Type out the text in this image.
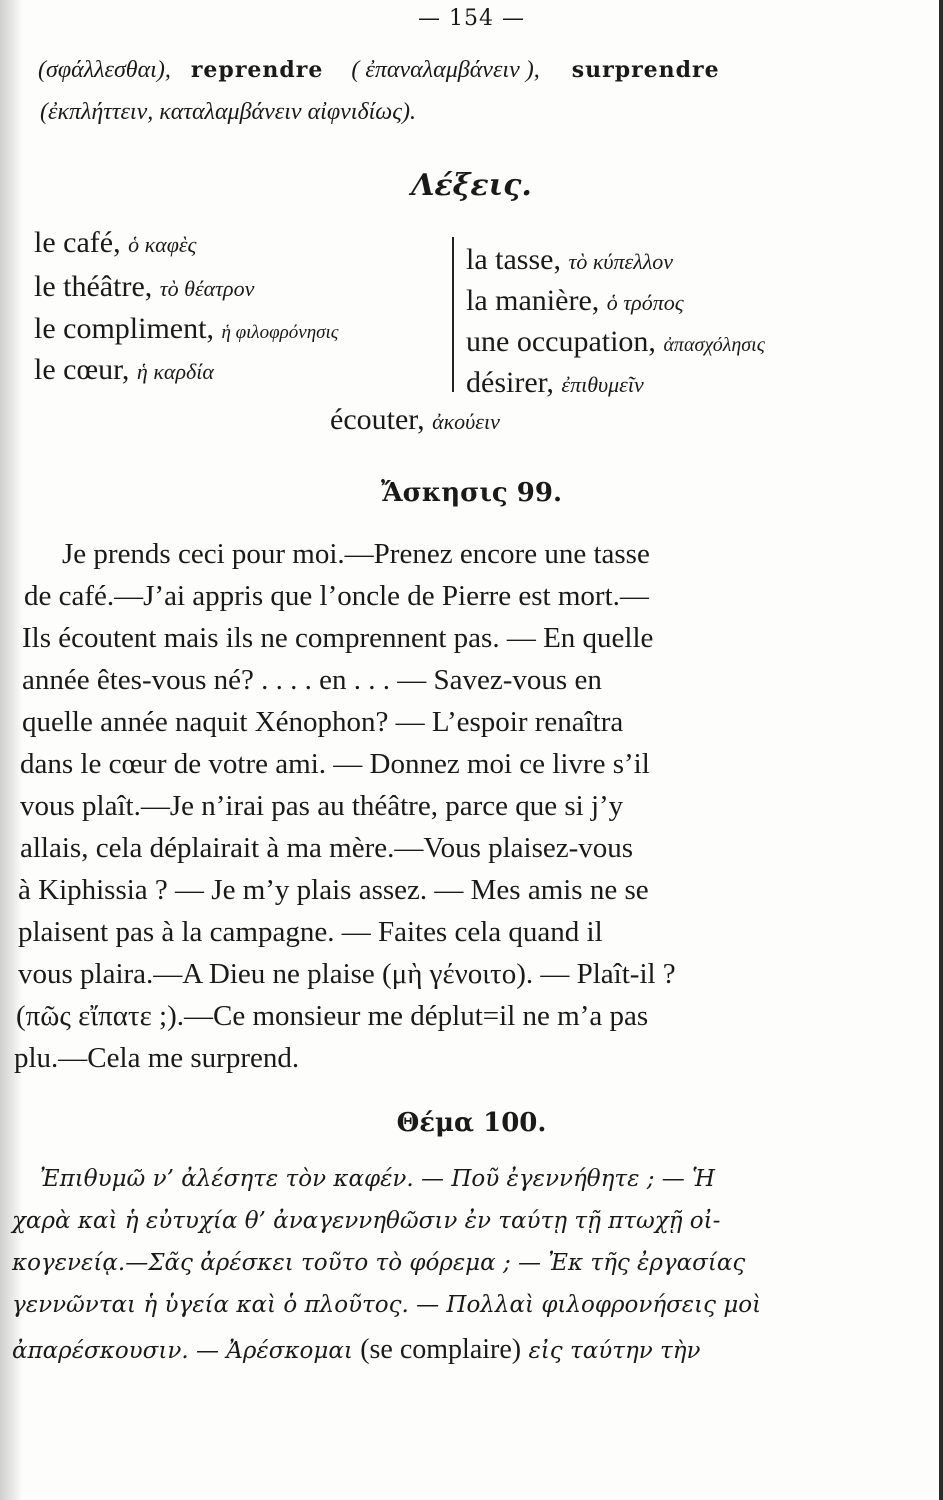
— 154 —
(σφάλλεσθαι), reprendre ( ἐπαναλαμβάνειν ), surprendre
(ἐκπλήττειν, καταλαμβάνειν αἰφνιδίως).
Λέξεις.
le café, ὁ καφὲς
le théâtre, τὸ θέατρον
le compliment, ἡ φιλοφρόνησις
le cœur, ἡ καρδία
la tasse, τὸ κύπελλον
la manière, ὁ τρόπος
une occupation, ἀπασχόλησις
désirer, ἐπιθυμεῖν
écouter, ἀκούειν
Ἄσκησις 99.
Je prends ceci pour moi.—Prenez encore une tasse
de café.—J’ai appris que l’oncle de Pierre est mort.—
Ils écoutent mais ils ne comprennent pas. — En quelle
année êtes-vous né? . . . . en . . . — Savez-vous en
quelle année naquit Xénophon? — L’espoir renaîtra
dans le cœur de votre ami. — Donnez moi ce livre s’il
vous plaît.—Je n’irai pas au théâtre, parce que si j’y
allais, cela déplairait à ma mère.—Vous plaisez-vous
à Kiphissia ? — Je m’y plais assez. — Mes amis ne se
plaisent pas à la campagne. — Faites cela quand il
vous plaira.—A Dieu ne plaise (μὴ γένοιτο). — Plaît-il ?
(πῶς εἴπατε ;).—Ce monsieur me déplut=il ne m’a pas
plu.—Cela me surprend.
Θέμα 100.
Ἐπιθυμῶ ν’ ἀλέσητε τὸν καφέν. — Ποῦ ἐγεννήθητε ; — Ἡ
χαρὰ καὶ ἡ εὐτυχία θ’ ἀναγεννηθῶσιν ἐν ταύτῃ τῇ πτωχῇ οἰ-
κογενείᾳ.—Σᾶς ἀρέσκει τοῦτο τὸ φόρεμα ; — Ἐκ τῆς ἐργασίας
γεννῶνται ἡ ὑγεία καὶ ὁ πλοῦτος. — Πολλαὶ φιλοφρονήσεις μοὶ
ἀπαρέσκουσιν. — Ἀρέσκομαι (se complaire) εἰς ταύτην τὴν
